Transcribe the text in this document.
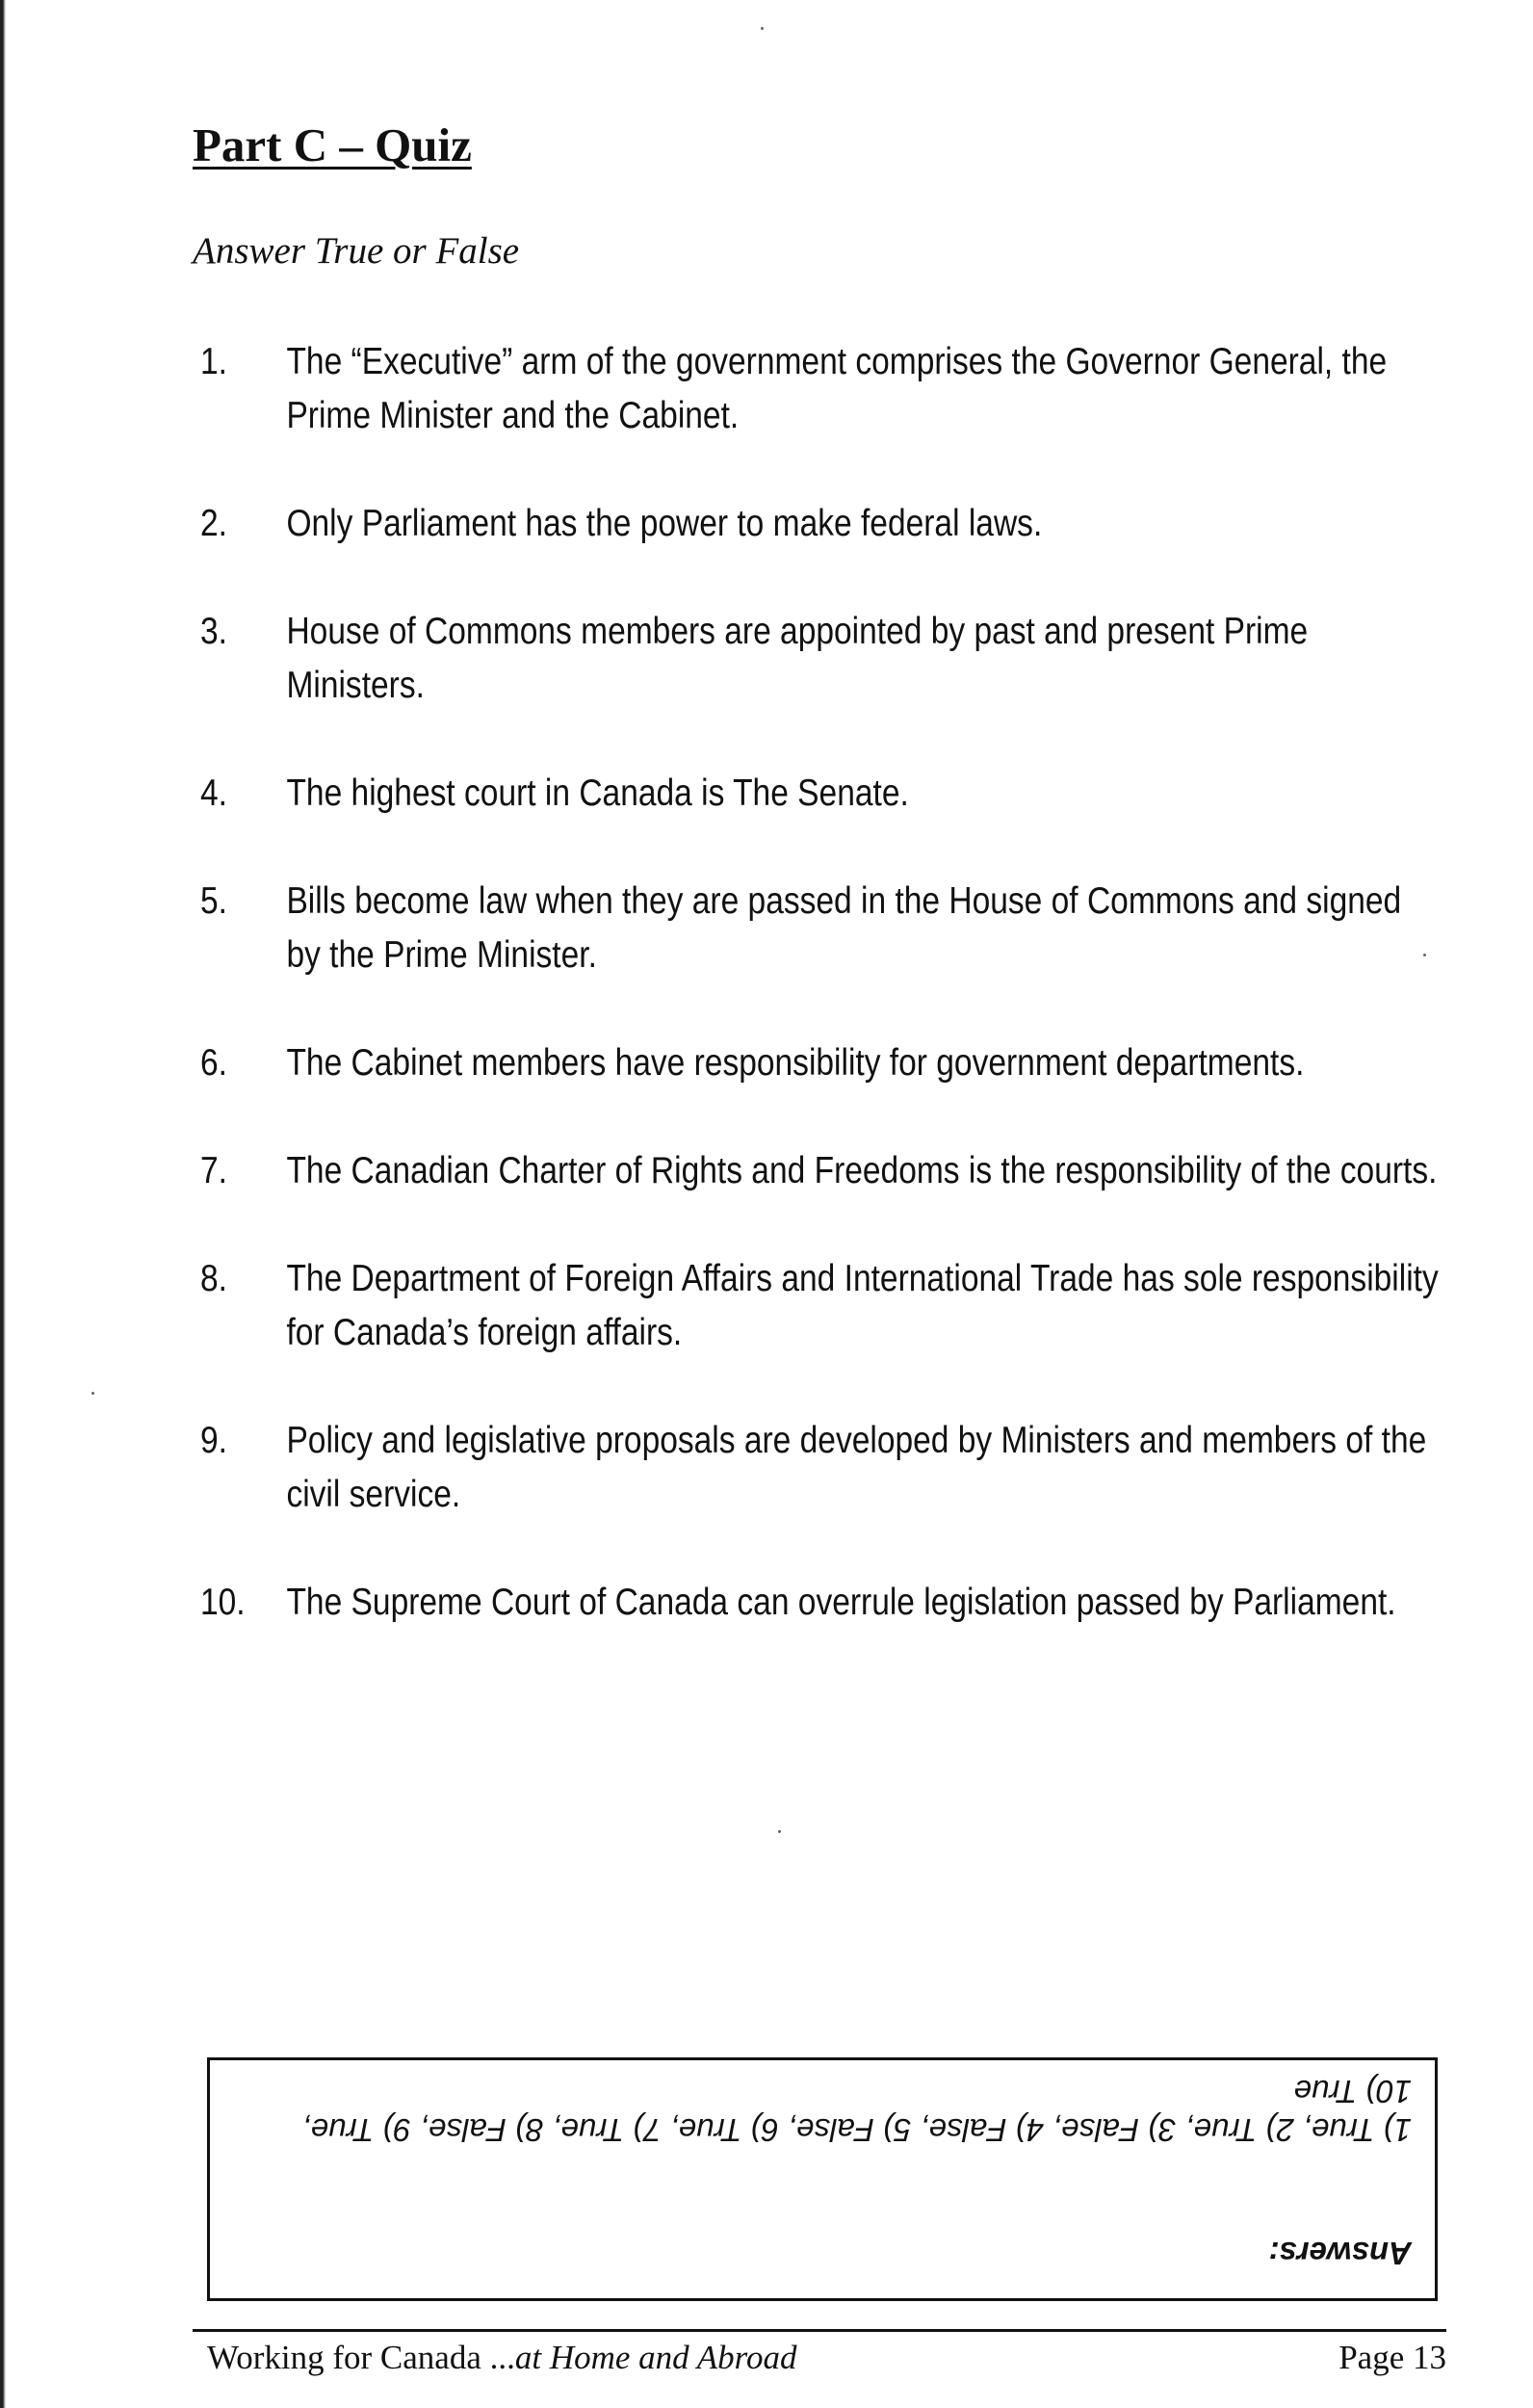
Part C – Quiz

Answer True or False

1.	The “Executive” arm of the government comprises the Governor General, the Prime Minister and the Cabinet.
2.	Only Parliament has the power to make federal laws.
3.	House of Commons members are appointed by past and present Prime Ministers.
4.	The highest court in Canada is The Senate.
5.	Bills become law when they are passed in the House of Commons and signed by the Prime Minister.
6.	The Cabinet members have responsibility for government departments.
7.	The Canadian Charter of Rights and Freedoms is the responsibility of the courts.
8.	The Department of Foreign Affairs and International Trade has sole responsibility for Canada’s foreign affairs.
9.	Policy and legislative proposals are developed by Ministers and members of the civil service.
10.	The Supreme Court of Canada can overrule legislation passed by Parliament.
Answers:
1) True, 2) True, 3) False, 4) False, 5) False, 6) True, 7) True, 8) False, 9) True,
10) True
Working for Canada ...at Home and Abroad	Page 13
